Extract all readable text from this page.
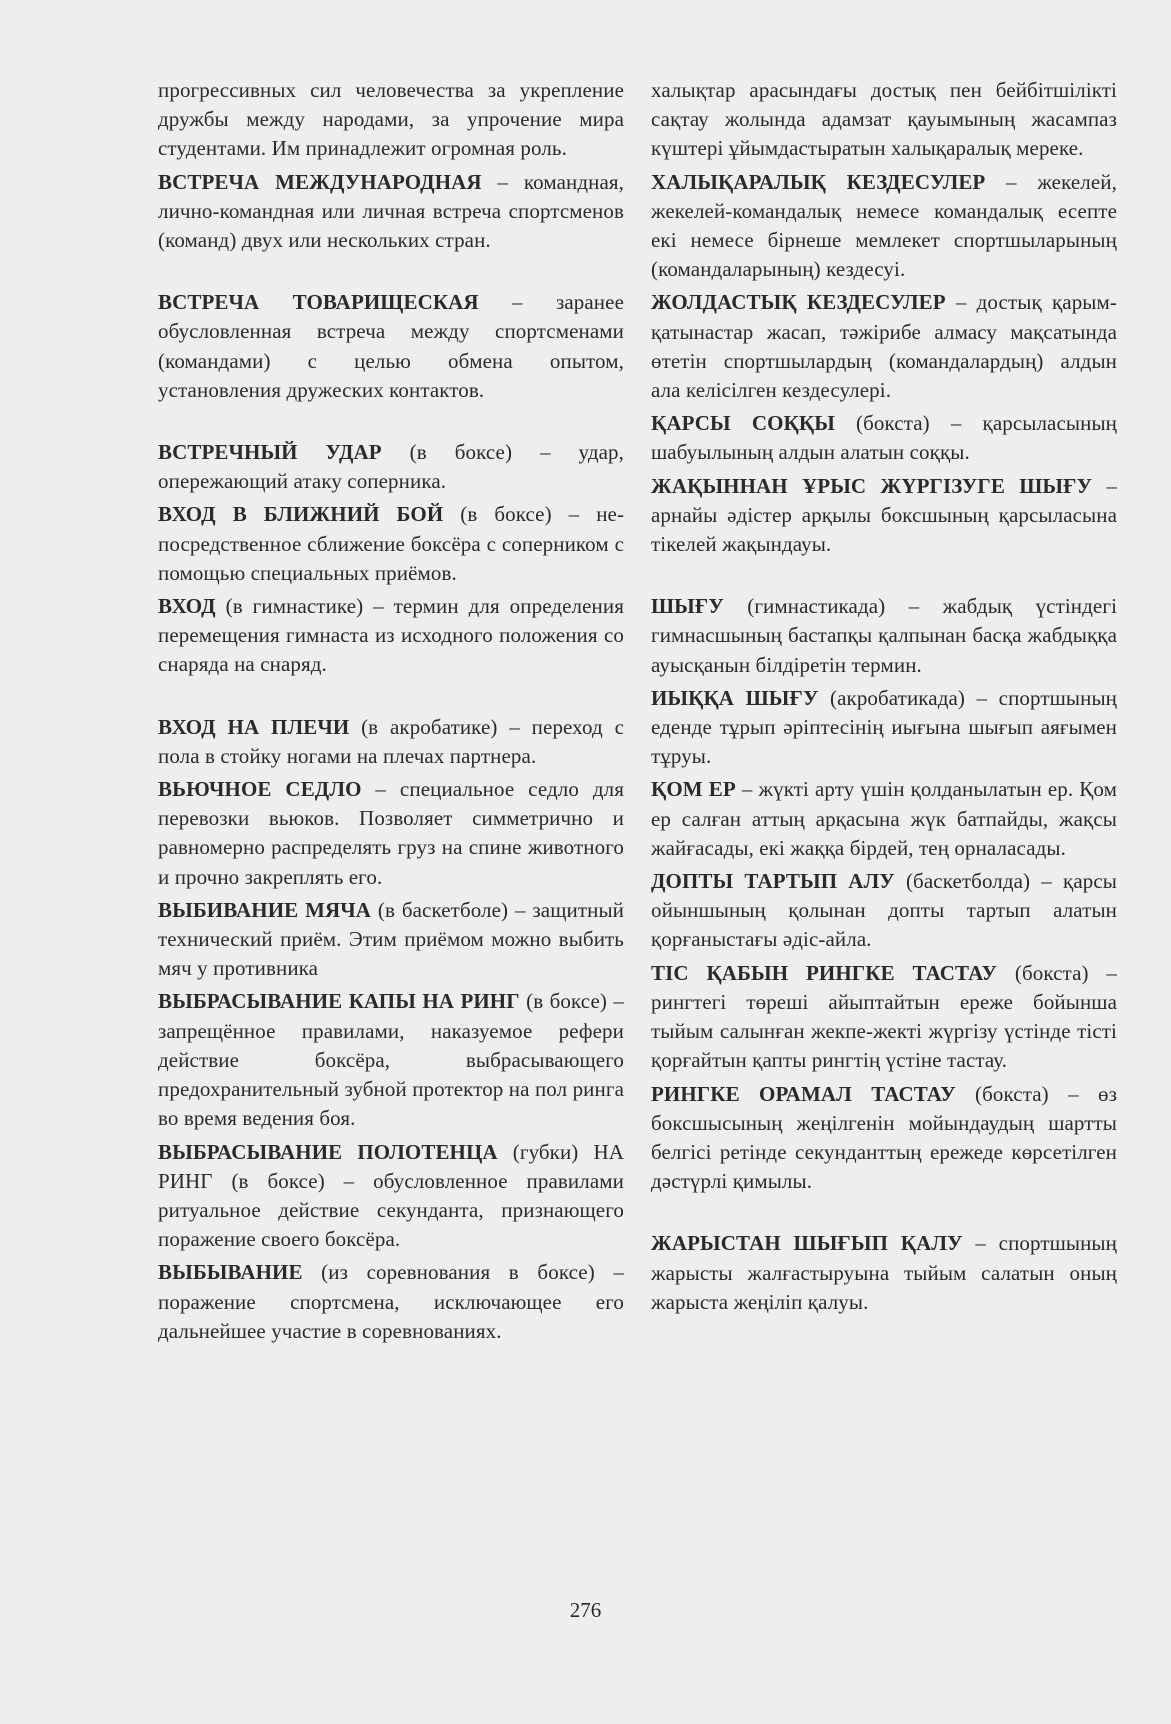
прогрессивных сил человечества за укрепление дружбы между народами, за упрочение мира студентами. Им принадлежит огромная роль.

ВСТРЕЧА МЕЖДУНАРОДНАЯ – командная, лично-командная или личная встреча спортсменов (команд) двух или нескольких стран.

ВСТРЕЧА ТОВАРИЩЕСКАЯ – заранее обусловленная встреча между спортсменами (командами) с целью обмена опытом, установления дружеских контактов.

ВСТРЕЧНЫЙ УДАР (в боксе) – удар, опережающий атаку соперника.

ВХОД В БЛИЖНИЙ БОЙ (в боксе) – непосредственное сближение боксёра с соперником с помощью специальных приёмов.

ВХОД (в гимнастике) – термин для определения перемещения гимнаста из исходного положения со снаряда на снаряд.

ВХОД НА ПЛЕЧИ (в акробатике) – переход с пола в стойку ногами на плечах партнера.

ВЬЮЧНОЕ СЕДЛО – специальное седло для перевозки вьюков. Позволяет симметрично и равномерно распределять груз на спине животного и прочно закреплять его.

ВЫБИВАНИЕ МЯЧА (в баскетболе) – защитный технический приём. Этим приёмом можно выбить мяч у противника

ВЫБРАСЫВАНИЕ КАПЫ НА РИНГ (в боксе) – запрещённое правилами, наказуемое рефери действие боксёра, выбрасывающего предохранительный зубной протектор на пол ринга во время ведения боя.

ВЫБРАСЫВАНИЕ ПОЛОТЕНЦА (губки) НА РИНГ (в боксе) – обусловленное правилами ритуальное действие секунданта, признающего поражение своего боксёра.

ВЫБЫВАНИЕ (из соревнования в боксе) – поражение спортсмена, исключающее его дальнейшее участие в соревнованиях.

халықтар арасындағы достық пен бейбітшілікті сақтау жолында адамзат қауымының жасампаз күштері ұйымдастыратын халықаралық мереке.

ХАЛЫҚАРАЛЫҚ КЕЗДЕСУЛЕР – жекелей, жекелей-командалық немесе командалық есепте екі немесе бірнеше мемлекет спортшыларының (командаларының) кездесуі.

ЖОЛДАСТЫҚ КЕЗДЕСУЛЕР – достық қарым-қатынастар жасап, тәжірибе алмасу мақсатында өтетін спортшылардың (командалардың) алдын ала келісілген кездесулері.

ҚАРСЫ СОҚҚЫ (бокста) – қарсыласының шабуылының алдын алатын соққы.

ЖАҚЫННАН ҰРЫС ЖҮРГІЗУГЕ ШЫҒУ – арнайы әдістер арқылы боксшының қарсыласына тікелей жақындауы.

ШЫҒУ (гимнастикада) – жабдық үстіндегі гимнасшының бастапқы қалпынан басқа жабдыққа ауысқанын білдіретін термин.

ИЫҚҚА ШЫҒУ (акробатикада) – спортшының еденде тұрып әріптесінің иығына шығып аяғымен тұруы.

ҚОМ ЕР – жүкті арту үшін қолданылатын ер. Қом ер салған аттың арқасына жүк батпайды, жақсы жайғасады, екі жаққа бірдей, тең орналасады.

ДОПТЫ ТАРТЫП АЛУ (баскетболда) – қарсы ойыншының қолынан допты тартып алатын қорғаныстағы әдіс-айла.

ТІС ҚАБЫН РИНГКЕ ТАСТАУ (бокста) – рингтегі төреші айыптайтын ереже бойынша тыйым салынған жекпе-жекті жүргізу үстінде тісті қорғайтын қапты рингтің үстіне тастау.

РИНГКЕ ОРАМАЛ ТАСТАУ (бокста) – өз боксшысының жеңілгенін мойындаудың шартты белгісі ретінде секунданттың ережеде көрсетілген дәстүрлі қимылы.

ЖАРЫСТАН ШЫҒЫП ҚАЛУ – спортшының жарысты жалғастыруына тыйым салатын оның жарыста жеңіліп қалуы.

276
